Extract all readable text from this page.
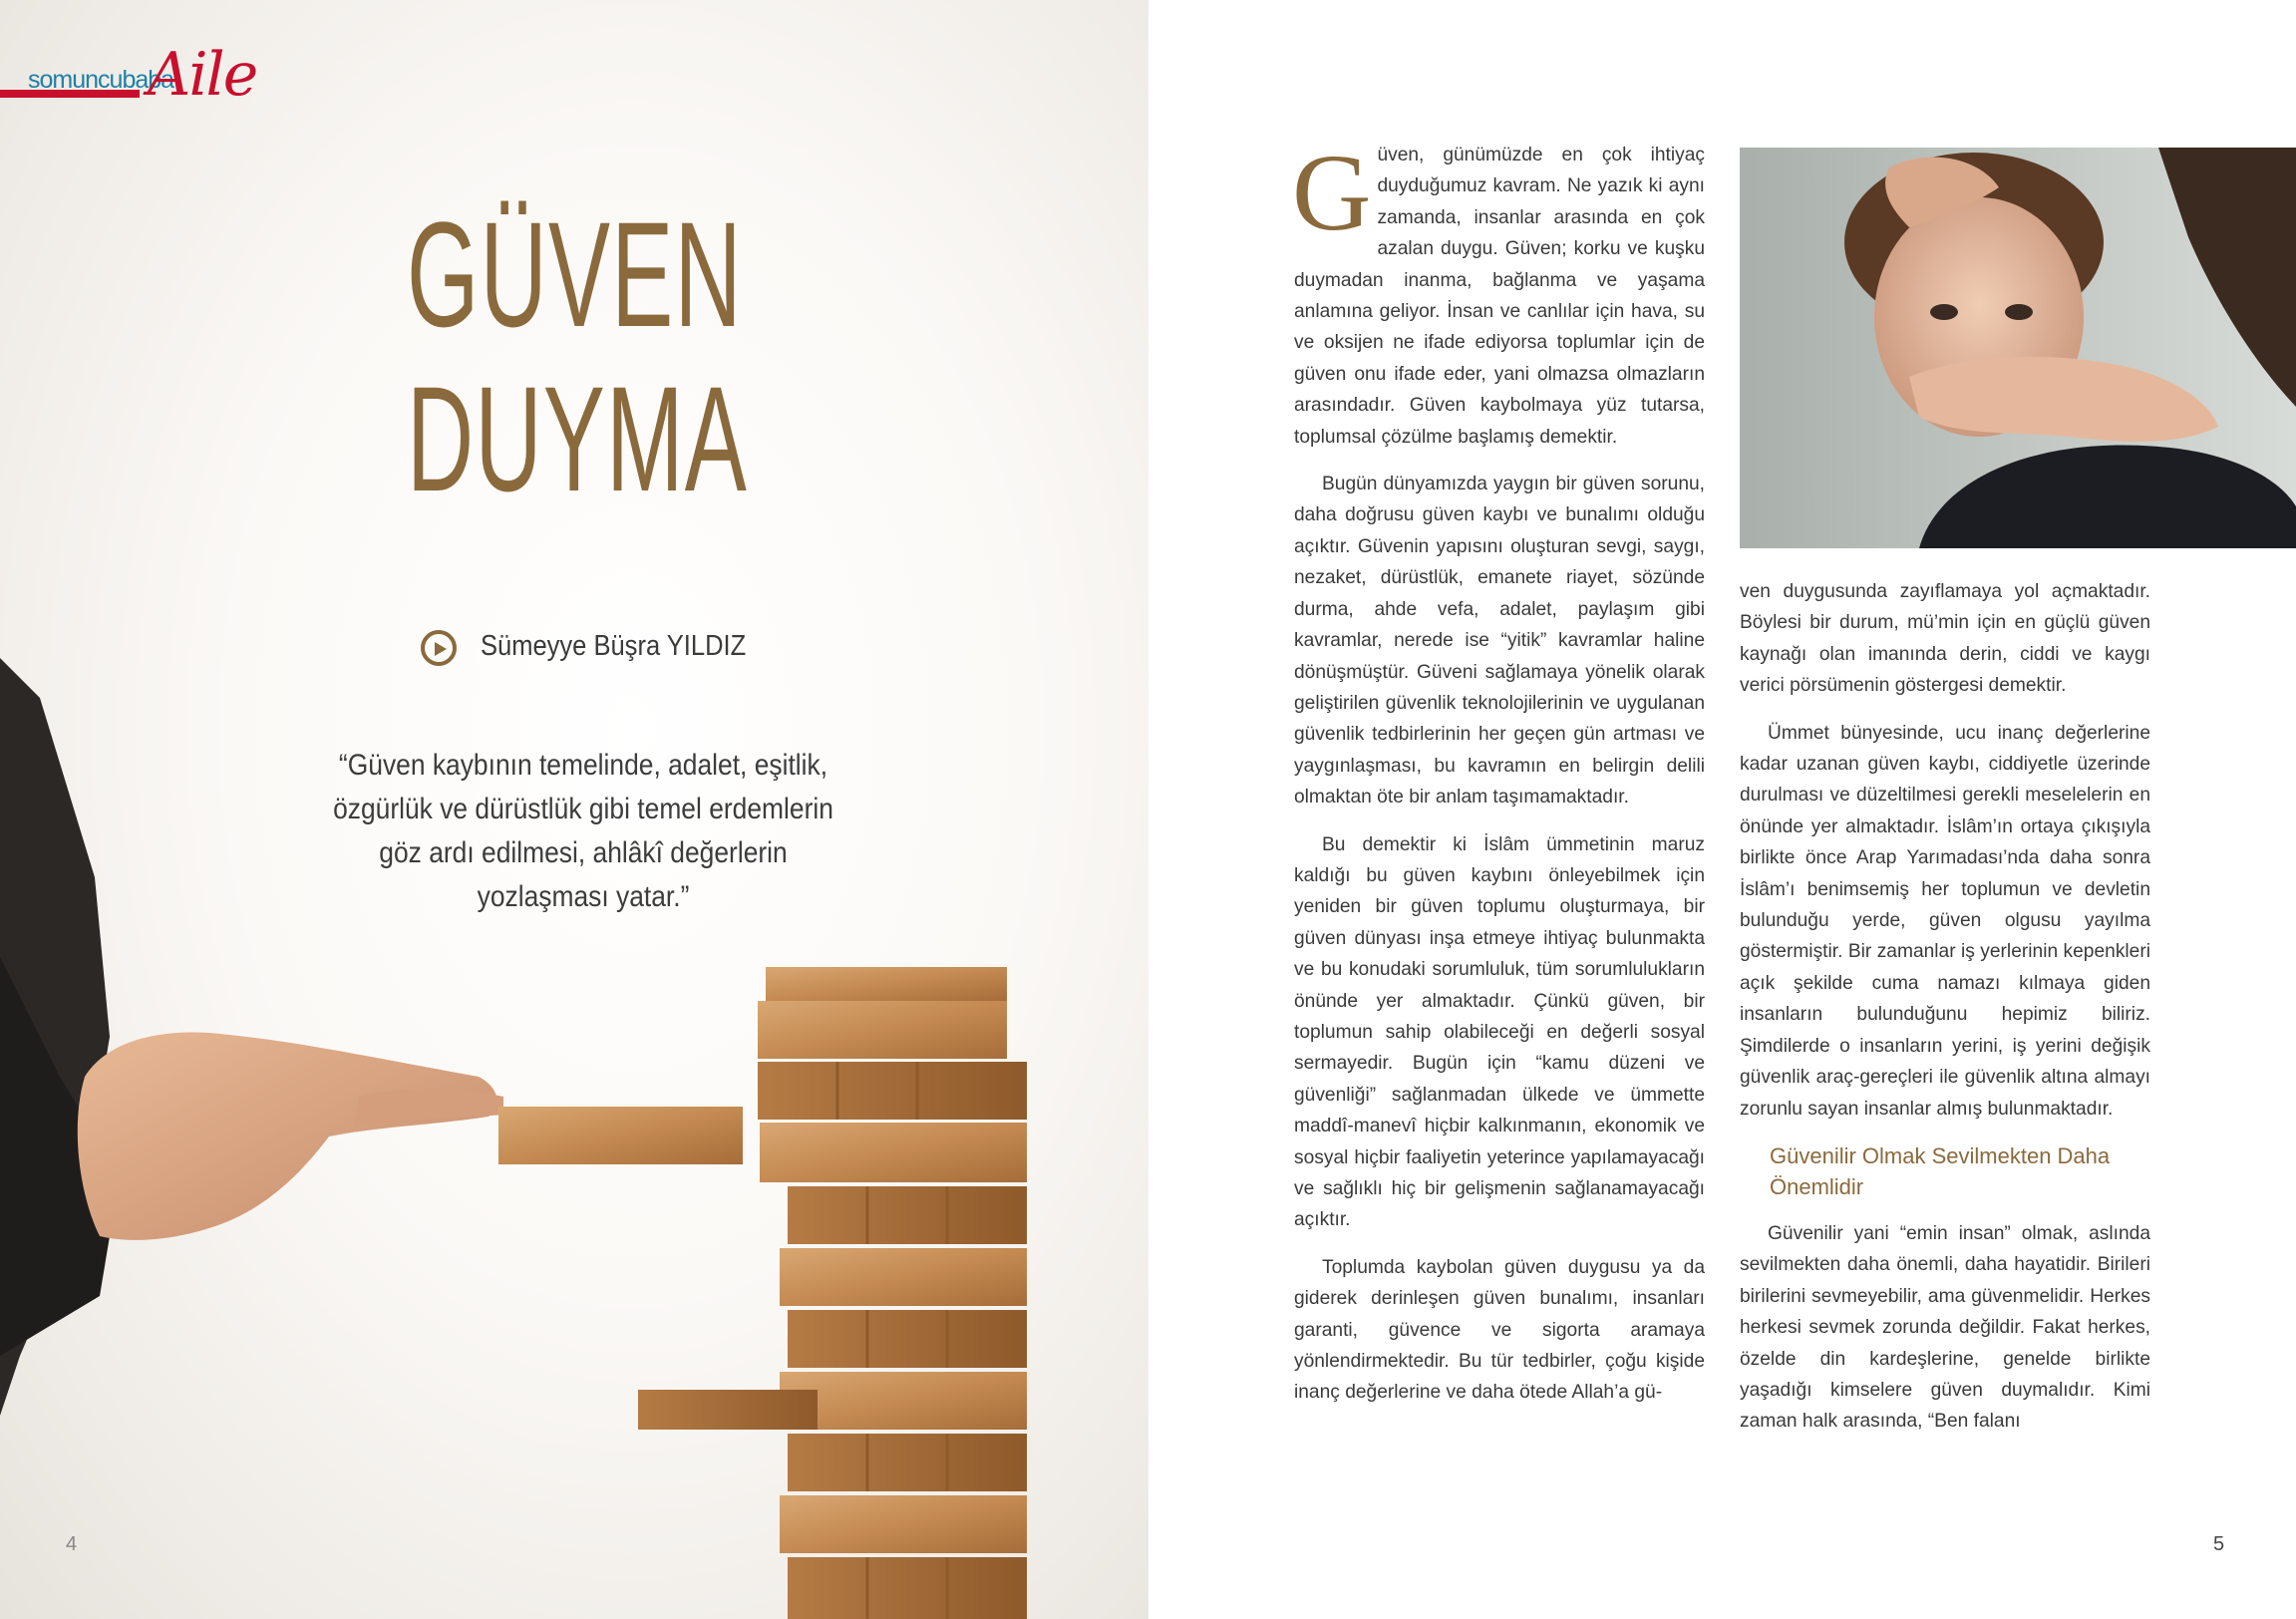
somuncubaba
Aile
GÜVEN
DUYMA
Sümeyye Büşra YILDIZ
“Güven kaybının temelinde, adalet, eşitlik, özgürlük ve dürüstlük gibi temel erdemlerin göz ardı edilmesi, ahlâkî değerlerin yozlaşması yatar.”
4

Güven, günümüzde en çok ihtiyaç duyduğumuz kavram. Ne yazık ki aynı zamanda, insanlar arasında en çok azalan duygu. Güven; korku ve kuşku duymadan inanma, bağlanma ve yaşama anlamına geliyor. İnsan ve canlılar için hava, su ve oksijen ne ifade ediyorsa toplumlar için de güven onu ifade eder, yani olmazsa olmazların arasındadır. Güven kaybolmaya yüz tutarsa, toplumsal çözülme başlamış demektir.

Bugün dünyamızda yaygın bir güven sorunu, daha doğrusu güven kaybı ve bunalımı olduğu açıktır. Güvenin yapısını oluşturan sevgi, saygı, nezaket, dürüstlük, emanete riayet, sözünde durma, ahde vefa, adalet, paylaşım gibi kavramlar, nerede ise “yitik” kavramlar haline dönüşmüştür. Güveni sağlamaya yönelik olarak geliştirilen güvenlik teknolojilerinin ve uygulanan güvenlik tedbirlerinin her geçen gün artması ve yaygınlaşması, bu kavramın en belirgin delili olmaktan öte bir anlam taşımamaktadır.

Bu demektir ki İslâm ümmetinin maruz kaldığı bu güven kaybını önleyebilmek için yeniden bir güven toplumu oluşturmaya, bir güven dünyası inşa etmeye ihtiyaç bulunmakta ve bu konudaki sorumluluk, tüm sorumlulukların önünde yer almaktadır. Çünkü güven, bir toplumun sahip olabileceği en değerli sosyal sermayedir. Bugün için “kamu düzeni ve güvenliği” sağlanmadan ülkede ve ümmette maddî-manevî hiçbir kalkınmanın, ekonomik ve sosyal hiçbir faaliyetin yeterince yapılamayacağı ve sağlıklı hiç bir gelişmenin sağlanamayacağı açıktır.

Toplumda kaybolan güven duygusu ya da giderek derinleşen güven bunalımı, insanları garanti, güvence ve sigorta aramaya yönlendirmektedir. Bu tür tedbirler, çoğu kişide inanç değerlerine ve daha ötede Allah’a gü-

ven duygusunda zayıflamaya yol açmaktadır. Böylesi bir durum, mü’min için en güçlü güven kaynağı olan imanında derin, ciddi ve kaygı verici pörsümenin göstergesi demektir.

Ümmet bünyesinde, ucu inanç değerlerine kadar uzanan güven kaybı, ciddiyetle üzerinde durulması ve düzeltilmesi gerekli meselelerin en önünde yer almaktadır. İslâm’ın ortaya çıkışıyla birlikte önce Arap Yarımadası’nda daha sonra İslâm’ı benimsemiş her toplumun ve devletin bulunduğu yerde, güven olgusu yayılma göstermiştir. Bir zamanlar iş yerlerinin kepenkleri açık şekilde cuma namazı kılmaya giden insanların bulunduğunu hepimiz biliriz. Şimdilerde o insanların yerini, iş yerini değişik güvenlik araç-gereçleri ile güvenlik altına almayı zorunlu sayan insanlar almış bulunmaktadır.

Güvenilir Olmak Sevilmekten Daha Önemlidir

Güvenilir yani “emin insan” olmak, aslında sevilmekten daha önemli, daha hayatidir. Birileri birilerini sevmeyebilir, ama güvenmelidir. Herkes herkesi sevmek zorunda değildir. Fakat herkes, özelde din kardeşlerine, genelde birlikte yaşadığı kimselere güven duymalıdır. Kimi zaman halk arasında, “Ben falanı

5
